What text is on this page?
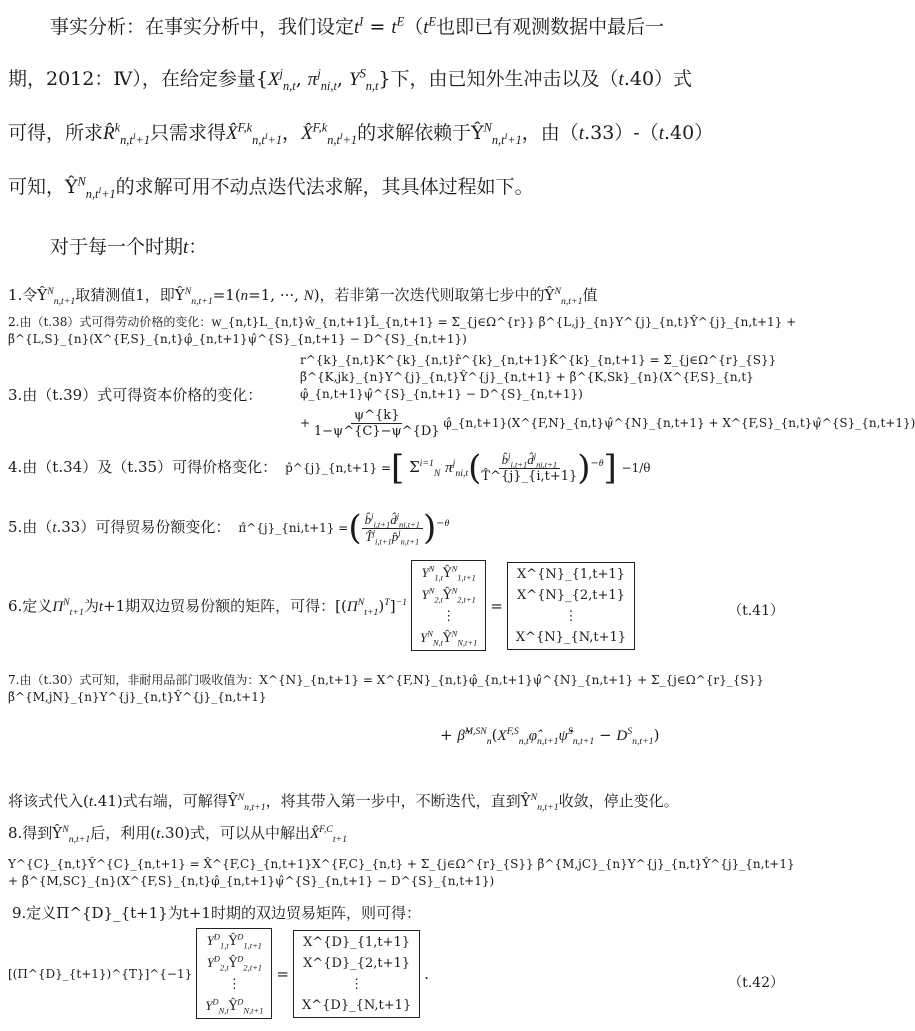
事实分析：在事实分析中，我们设定$t^I = t^E(t^E$也即已有观测数据中最后一
期，2012：Ⅳ），在给定参量{$X^j_{n,t}$, $\pi^j_{ni,t}$, $Y^S_{n,t}$}下，由已知外生冲击以及（t.40）式
可得，所求R̂$^k_{n,t^I+1}$只需求得X̂$^{F,k}_{n,t^I+1}$，X̂$^{F,k}_{n,t^I+1}$的求解依赖于$Ŷ^N_{n,t^I+1}$，由（t.33）-（t.40）
可知，$Ŷ^N_{n,t^I+1}$的求解可用不动点迭代法求解，其具体过程如下。
对于每一个时期t：
1.令$Ŷ^N_{n,t+1}$取猜测值1，即$Ŷ^N_{n,t+1}=1(n=1$, ···, N)，若非第一次迭代则取第七步中的$Ŷ^N_{n,t+1}$值
2.由（t.38）式可得劳动价格的变化：w_{n,t}L_{n,t}ŵ_{n,t+1}L̂_{n,t+1} = Σ_{j∈Ω^{r}} β̃^{L,j}_{n}Y^{j}_{n,t}Ŷ^{j}_{n,t+1} + β̃^{L,S}_{n}(X^{F,S}_{n,t}φ̂_{n,t+1}ψ̂^{S}_{n,t+1} − D^{S}_{n,t+1})
3.由（t.39）式可得资本价格的变化：
r^{k}_{n,t}K^{k}_{n,t}r̂^{k}_{n,t+1}K̂^{k}_{n,t+1} = Σ_{j∈Ω^{r}_{S}} β̃^{K,jk}_{n}Y^{j}_{n,t}Ŷ^{j}_{n,t+1} + β̃^{K,Sk}_{n}(X^{F,S}_{n,t}φ̂_{n,t+1}ψ̂^{S}_{n,t+1} − D^{S}_{n,t+1})
+ $\frac{\psi\^{}\{k\}}{1-\psi\^{}\{C\}-\psi\^{}\{D\}}$ φ̂_{n,t+1}(X^{F,N}_{n,t}ψ̂^{N}_{n,t+1} + X^{F,S}_{n,t}ψ̂^{S}_{n,t+1})
4.由（t.34）及（t.35）可得价格变化： p̂^{j}_{n,t+1} =[ $\Sigma^{i=1}_N$ $\pi^j_{ni,t}( \frac{b̂^j_{i,t+1}d̂^j_{ni,t+1}}{T̂\^{}\{j\}\_\{i,t+1\}} )^{-\theta}] -1/\theta$
5.由（t.33）可得贸易份额变化： π̂^{j}_{ni,t+1} =( $\frac{b̂^j_{i,t+1}d̂^j_{ni,t+1}}{T̂^j_{i,t+1}p̂^j_{n,t+1}} )^{-\theta}$
6.定义$\Pi^N_{t+1}$为t+1期双边贸易份额的矩阵，可得：$[(\Pi^N_{t+1})^T]^{-1}$
$Y^N_{1,t}Ŷ^N_{1,t+1}$
$Y^N_{2,t}Ŷ^N_{2,t+1}$
⋮
$Y^N_{N,t}Ŷ^N_{N,t+1}$
=
X^{N}_{1,t+1}
X^{N}_{2,t+1}
⋮
X^{N}_{N,t+1}
（t.41）
7.由（t.30）式可知，非耐用品部门吸收值为：X^{N}_{n,t+1} = X^{F,N}_{n,t}φ̂_{n,t+1}ψ̂^{N}_{n,t+1} + Σ_{j∈Ω^{r}_{S}} β̃^{M,jN}_{n}Y^{j}_{n,t}Ŷ^{j}_{n,t+1}
+ $\betã^{M,SN}_n(X^{F,S}_{n,t}\varphî_{n,t+1}\psî^S_{n,t+1} - D^S_{n,t+1})$
将该式代入(t.41)式右端，可解得$Ŷ^N_{n,t+1}$，将其带入第一步中，不断迭代，直到$Ŷ^N_{n,t+1}$收敛，停止变化。
8.得到$Ŷ^N_{n,t+1}$后，利用(t.30)式，可以从中解出X̂$^{F,C}_{t+1}$
Y^{C}_{n,t}Ŷ^{C}_{n,t+1} = X̂^{F,C}_{n,t+1}X^{F,C}_{n,t} + Σ_{j∈Ω^{r}_{S}} β̃^{M,jC}_{n}Y^{j}_{n,t}Ŷ^{j}_{n,t+1} + β̃^{M,SC}_{n}(X^{F,S}_{n,t}φ̂_{n,t+1}ψ̂^{S}_{n,t+1} − D^{S}_{n,t+1})
9.定义Π^{D}_{t+1}为t+1时期的双边贸易矩阵，则可得：
[(Π^{D}_{t+1})^{T}]^{−1}
$Y^D_{1,t}Ŷ^D_{1,t+1}$
$Y^D_{2,t}Ŷ^D_{2,t+1}$
⋮
$Y^D_{N,t}Ŷ^D_{N,t+1}$
=
X^{D}_{1,t+1}
X^{D}_{2,t+1}
⋮
X^{D}_{N,t+1}
.
（t.42）
